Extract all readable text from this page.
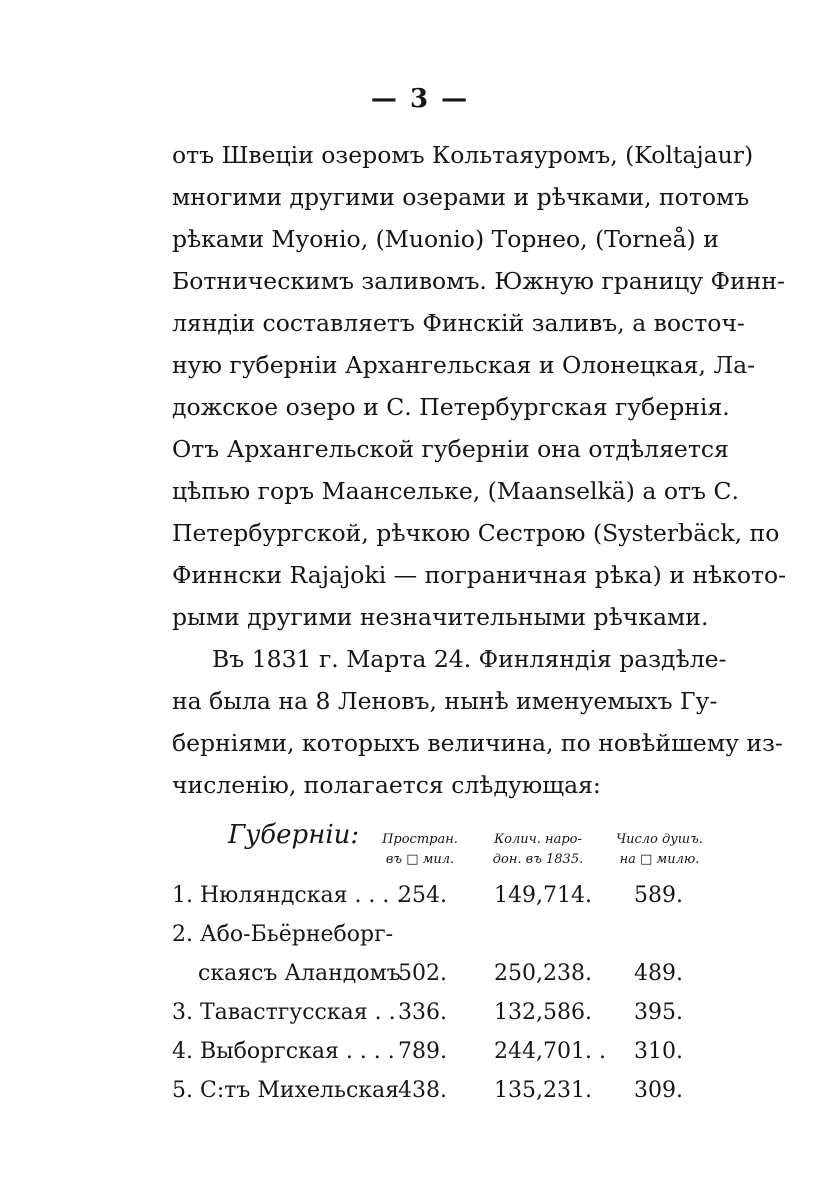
— 3 —
отъ Швецiи озеромъ Кольтаяуромъ, (Koltajaur)
многими другими озерами и рѣчками, потомъ
рѣками Муонiо, (Muonio) Торнео, (Torneå) и
Ботническимъ заливомъ. Южную границу Финн-
ляндiи составляетъ Финскiй заливъ, а восточ-
ную губернiи Архангельская и Олонецкая, Ла-
дожское озеро и С. Петербургская губернiя.
Отъ Архангельской губернiи она отдѣляется
цѣпью горъ Маансельке, (Maanselkä) а отъ С.
Петербургской, рѣчкою Сестрою (Systerbäck, по
Финнски Rajajoki — пограничная рѣка) и нѣкото-
рыми другими незначительными рѣчками.
Въ 1831 г. Марта 24. Финляндiя раздѣле-
на была на 8 Леновъ, нынѣ именуемыхъ Гу-
бернiями, которыхъ величина, по новѣйшему из-
численiю, полагается слѣдующая:
Губернiи:	Простран.
въ □ мил.
Колич. наро-
дон. въ 1835.
Число душъ.
на □ милю.
1. Нюляндская . . . .
254. 149,714. 589.
2. Або-Бьёрнеборг-
скаясъ Аландомъ
502. 250,238. 489.
3. Тавастгусская . . 336. 132,586. 395.
4. Выборгская . . . . 789. 244,701. . 310.
5. С:тъ Михельская
438. 135,231. 309.
